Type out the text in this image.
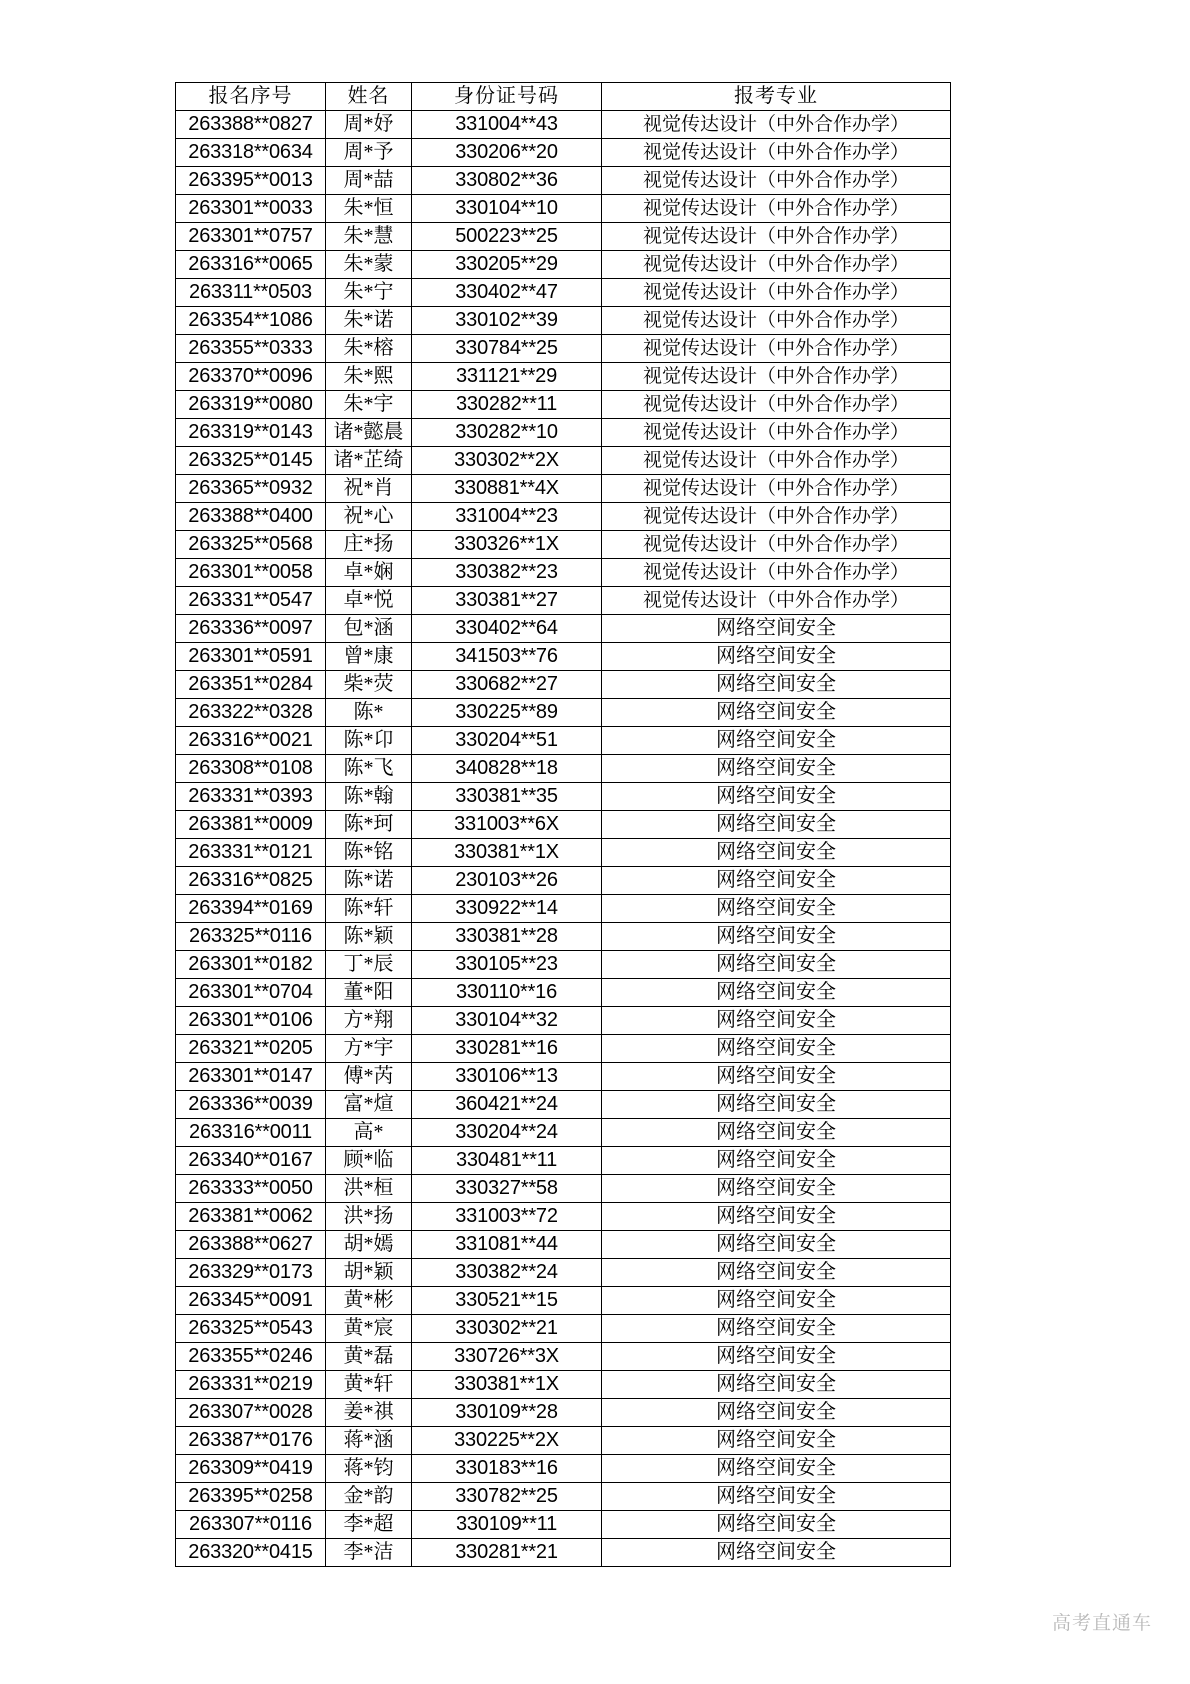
报名序号	姓名	身份证号码	报考专业
263388**0827	周*妤	331004**43	视觉传达设计（中外合作办学）
263318**0634	周*予	330206**20	视觉传达设计（中外合作办学）
263395**0013	周*喆	330802**36	视觉传达设计（中外合作办学）
263301**0033	朱*恒	330104**10	视觉传达设计（中外合作办学）
263301**0757	朱*慧	500223**25	视觉传达设计（中外合作办学）
263316**0065	朱*蒙	330205**29	视觉传达设计（中外合作办学）
263311**0503	朱*宁	330402**47	视觉传达设计（中外合作办学）
263354**1086	朱*诺	330102**39	视觉传达设计（中外合作办学）
263355**0333	朱*榕	330784**25	视觉传达设计（中外合作办学）
263370**0096	朱*熙	331121**29	视觉传达设计（中外合作办学）
263319**0080	朱*宇	330282**11	视觉传达设计（中外合作办学）
263319**0143	诸*懿晨	330282**10	视觉传达设计（中外合作办学）
263325**0145	诸*芷绮	330302**2X	视觉传达设计（中外合作办学）
263365**0932	祝*肖	330881**4X	视觉传达设计（中外合作办学）
263388**0400	祝*心	331004**23	视觉传达设计（中外合作办学）
263325**0568	庄*扬	330326**1X	视觉传达设计（中外合作办学）
263301**0058	卓*娴	330382**23	视觉传达设计（中外合作办学）
263331**0547	卓*悦	330381**27	视觉传达设计（中外合作办学）
263336**0097	包*涵	330402**64	网络空间安全
263301**0591	曾*康	341503**76	网络空间安全
263351**0284	柴*荧	330682**27	网络空间安全
263322**0328	陈*	330225**89	网络空间安全
263316**0021	陈*卬	330204**51	网络空间安全
263308**0108	陈*飞	340828**18	网络空间安全
263331**0393	陈*翰	330381**35	网络空间安全
263381**0009	陈*珂	331003**6X	网络空间安全
263331**0121	陈*铭	330381**1X	网络空间安全
263316**0825	陈*诺	230103**26	网络空间安全
263394**0169	陈*轩	330922**14	网络空间安全
263325**0116	陈*颖	330381**28	网络空间安全
263301**0182	丁*辰	330105**23	网络空间安全
263301**0704	董*阳	330110**16	网络空间安全
263301**0106	方*翔	330104**32	网络空间安全
263321**0205	方*宇	330281**16	网络空间安全
263301**0147	傅*芮	330106**13	网络空间安全
263336**0039	富*煊	360421**24	网络空间安全
263316**0011	高*	330204**24	网络空间安全
263340**0167	顾*临	330481**11	网络空间安全
263333**0050	洪*桓	330327**58	网络空间安全
263381**0062	洪*扬	331003**72	网络空间安全
263388**0627	胡*嫣	331081**44	网络空间安全
263329**0173	胡*颖	330382**24	网络空间安全
263345**0091	黄*彬	330521**15	网络空间安全
263325**0543	黄*宸	330302**21	网络空间安全
263355**0246	黄*磊	330726**3X	网络空间安全
263331**0219	黄*轩	330381**1X	网络空间安全
263307**0028	姜*祺	330109**28	网络空间安全
263387**0176	蒋*涵	330225**2X	网络空间安全
263309**0419	蒋*钧	330183**16	网络空间安全
263395**0258	金*韵	330782**25	网络空间安全
263307**0116	李*超	330109**11	网络空间安全
263320**0415	李*洁	330281**21	网络空间安全
高考直通车
